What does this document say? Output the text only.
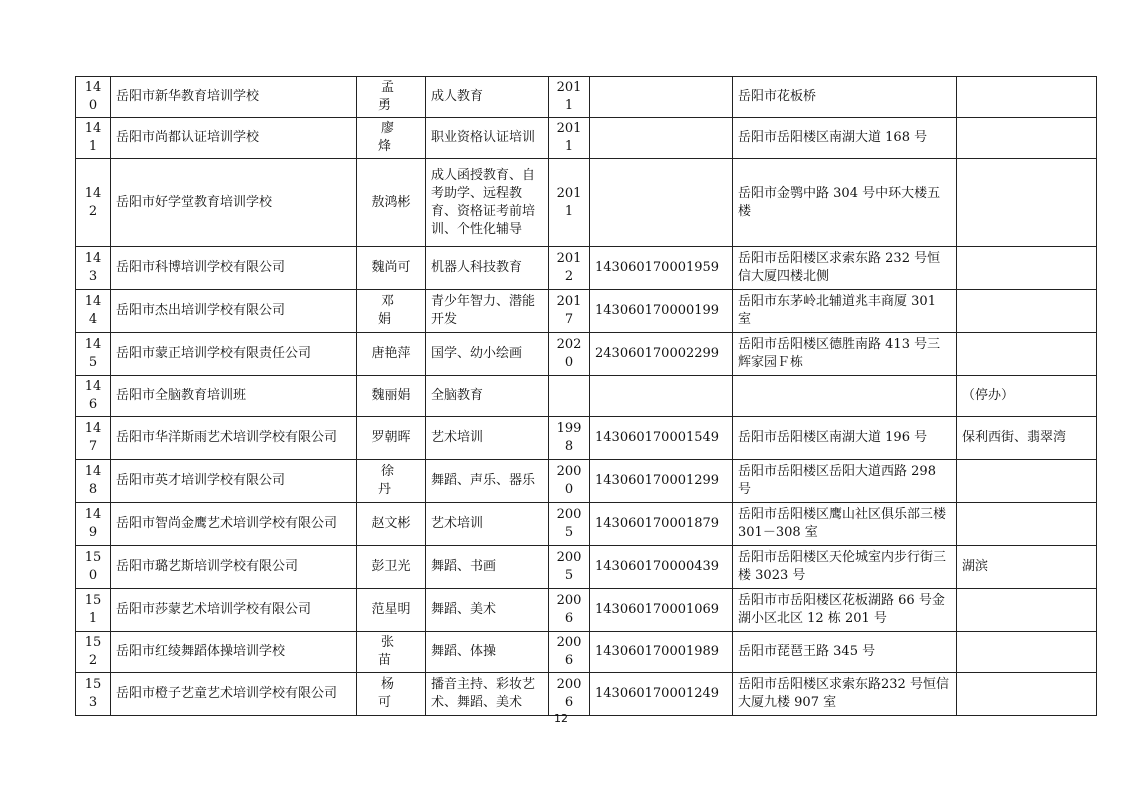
140	岳阳市新华教育培训学校	孟　勇	成人教育	2011		岳阳市花板桥	
141	岳阳市尚都认证培训学校	廖　烽	职业资格认证培训	2011		岳阳市岳阳楼区南湖大道 168 号	
142	岳阳市好学堂教育培训学校	敖鸿彬	成人函授教育、自考助学、远程教育、资格证考前培训、个性化辅导	2011		岳阳市金鹗中路 304 号中环大楼五楼	
143	岳阳市科博培训学校有限公司	魏尚可	机器人科技教育	2012	143060170001959	岳阳市岳阳楼区求索东路 232 号恒信大厦四楼北侧	
144	岳阳市杰出培训学校有限公司	邓　娟	青少年智力、潜能开发	2017	143060170000199	岳阳市东茅岭北辅道兆丰商厦 301 室	
145	岳阳市蒙正培训学校有限责任公司	唐艳萍	国学、幼小绘画	2020	243060170002299	岳阳市岳阳楼区德胜南路 413 号三辉家园Ｆ栋	
146	岳阳市全脑教育培训班	魏丽娟	全脑教育				（停办）
147	岳阳市华洋斯雨艺术培训学校有限公司	罗朝晖	艺术培训	1998	143060170001549	岳阳市岳阳楼区南湖大道 196 号	保利西街、翡翠湾
148	岳阳市英才培训学校有限公司	徐　丹	舞蹈、声乐、器乐	2000	143060170001299	岳阳市岳阳楼区岳阳大道西路 298 号	
149	岳阳市智尚金鹰艺术培训学校有限公司	赵文彬	艺术培训	2005	143060170001879	岳阳市岳阳楼区鹰山社区俱乐部三楼 301－308 室	
150	岳阳市璐艺斯培训学校有限公司	彭卫光	舞蹈、书画	2005	143060170000439	岳阳市岳阳楼区天伦城室内步行街三楼 3023 号	湖滨
151	岳阳市莎蒙艺术培训学校有限公司	范星明	舞蹈、美术	2006	143060170001069	岳阳市市岳阳楼区花板湖路 66 号金湖小区北区 12 栋 201 号	
152	岳阳市红绫舞蹈体操培训学校	张　苗	舞蹈、体操	2006	143060170001989	岳阳市琵琶王路 345 号	
153	岳阳市橙子艺童艺术培训学校有限公司	杨　可	播音主持、彩妆艺术、舞蹈、美术	2006	143060170001249	岳阳市岳阳楼区求索东路232 号恒信大厦九楼 907 室	
12
